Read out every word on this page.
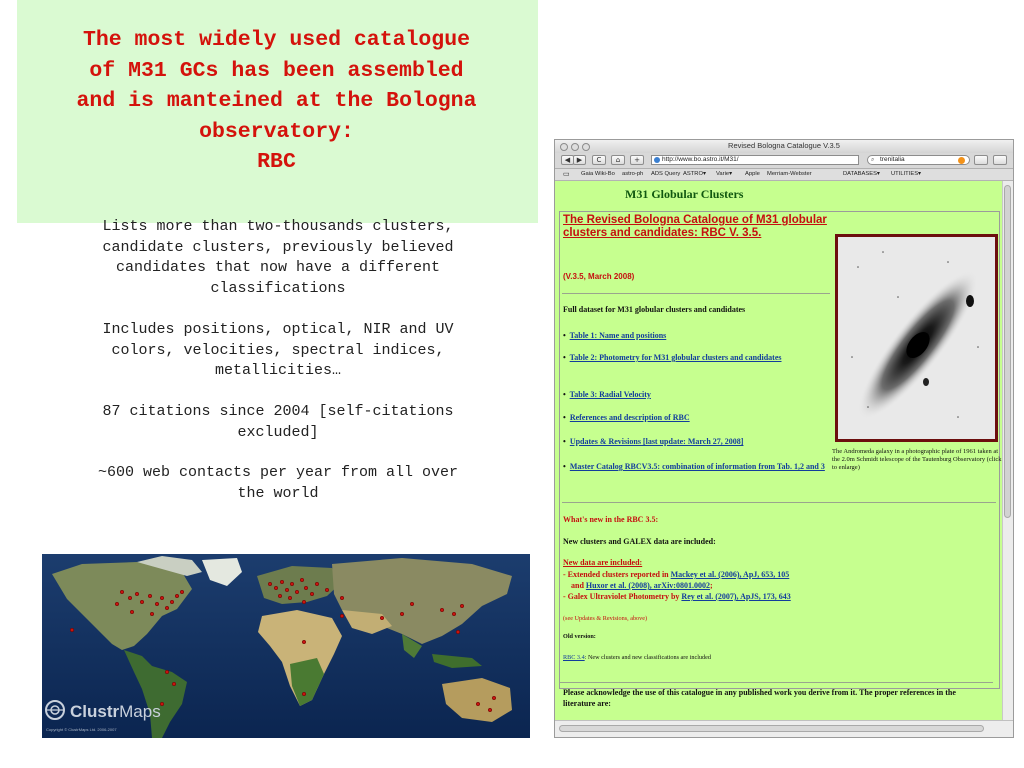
The most widely used catalogue
of M31 GCs has been assembled
and is manteined at the Bologna
observatory:
RBC
Lists more than two-thousands clusters,
candidate clusters, previously believed
candidates that now have a different
classifications
Includes positions, optical, NIR and UV
colors, velocities, spectral indices,
metallicities…
87 citations since 2004 [self-citations
excluded]
~600 web contacts per year from all over
the world
ClustrMaps
Copyright © ClustrMaps Ltd. 2006-2007
Revised Bologna Catalogue V.3.5
◀ ▶	C	⌂	+	http://www.bo.astro.it/M31/	⌕ trenitalia
▭ Gaia Wiki-Bo astro-ph ADS Query ASTRO▾ Varie▾ Apple Merriam-Webster	DATABASES▾ UTILITIES▾
M31 Globular Clusters
The Revised Bologna Catalogue of M31 globular clusters and candidates: RBC V. 3.5.
(V.3.5, March 2008)
Full dataset for M31 globular clusters and candidates
•  Table 1: Name and positions
•  Table 2: Photometry for M31 globular clusters and candidates
•  Table 3: Radial Velocity
•  References and description of RBC
•  Updates & Revisions [last update: March 27, 2008]
•  Master Catalog RBCV3.5: combination of information from Tab. 1,2 and 3
The Andromeda galaxy in a photographic plate of 1961 taken at the 2.0m Schmidt telescope of the Tautenburg Observatory (click to enlarge)
What's new in the RBC 3.5:
New clusters and GALEX data are included:
New data are included:
- Extended clusters reported in Mackey et al. (2006), ApJ, 653, 105
and Huxor et al. (2008), arXiv:0801.0002;
- Galex Ultraviolet Photometry by Rey et al. (2007), ApJS, 173, 643
(see Updates & Revisions, above)
Old version:
RBC 3.4: New clusters and new classifications are included
Please acknowledge the use of this catalogue in any published work you derive from it. The proper references in the literature are:
